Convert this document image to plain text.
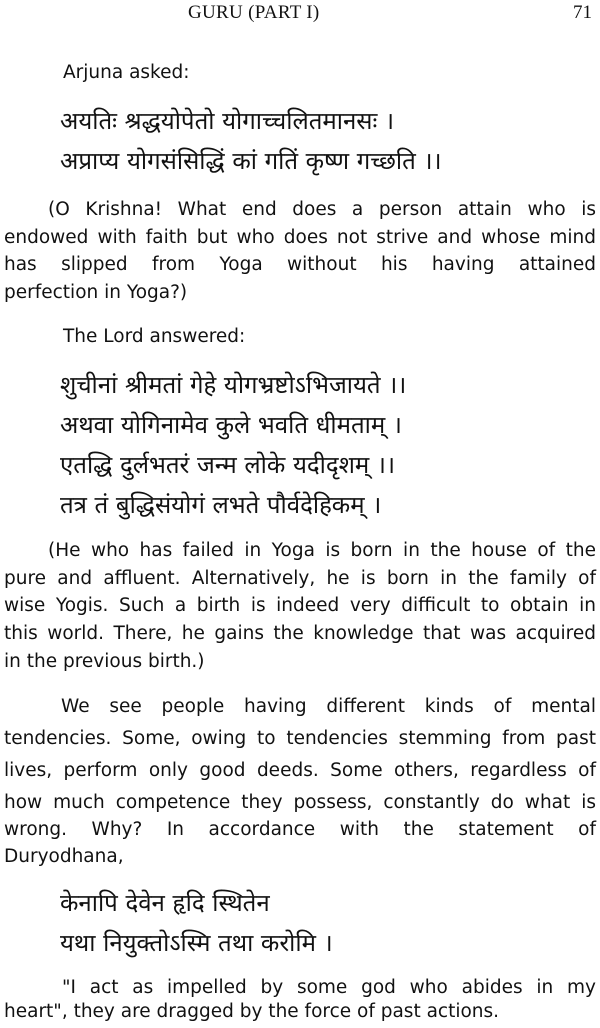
GURU (PART I)	71
Arjuna asked:
अयतिः श्रद्धयोपेतो योगाच्चलितमानसः ।
अप्राप्य योगसंसिद्धिं कां गतिं कृष्ण गच्छति ।।
(O Krishna! What end does a person attain who is
endowed with faith but who does not strive and whose mind
has slipped from Yoga without his having attained
perfection in Yoga?)
The Lord answered:
शुचीनां श्रीमतां गेहे योगभ्रष्टोऽभिजायते ।।
अथवा योगिनामेव कुले भवति धीमताम् ।
एतद्धि दुर्लभतरं जन्म लोके यदीदृशम् ।।
तत्र तं बुद्धिसंयोगं लभते पौर्वदेहिकम् ।
(He who has failed in Yoga is born in the house of the
pure and affluent. Alternatively, he is born in the family of
wise Yogis. Such a birth is indeed very difficult to obtain in
this world. There, he gains the knowledge that was acquired
in the previous birth.)
We see people having different kinds of mental
tendencies. Some, owing to tendencies stemming from past
lives, perform only good deeds. Some others, regardless of
how much competence they possess, constantly do what is
wrong. Why? In accordance with the statement of
Duryodhana,
केनापि देवेन हृदि स्थितेन
यथा नियुक्तोऽस्मि तथा करोमि ।
"I act as impelled by some god who abides in my
heart", they are dragged by the force of past actions.
